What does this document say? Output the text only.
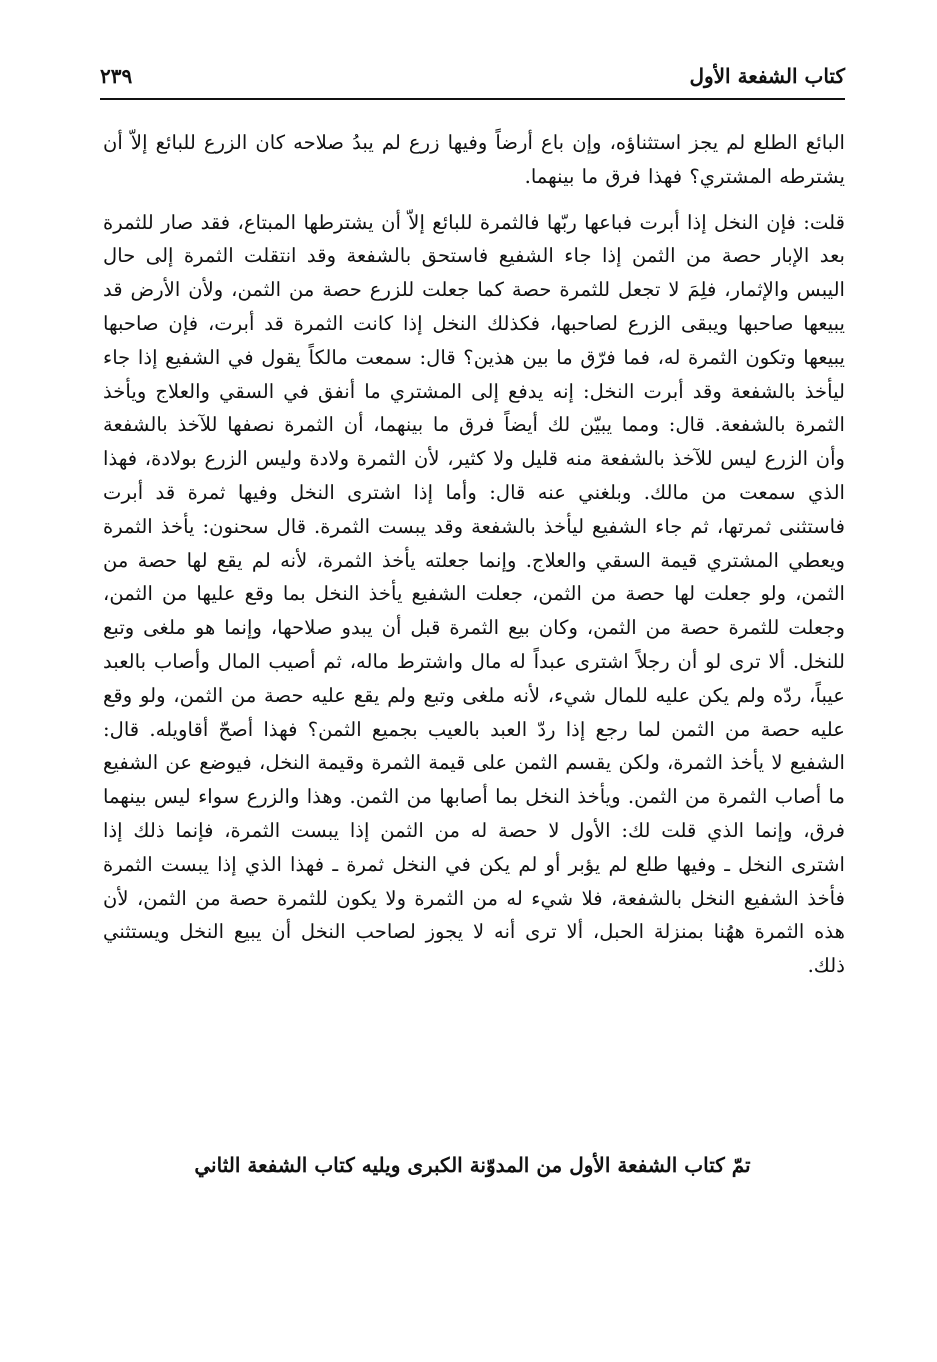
كتاب الشفعة الأول
٢٣٩

البائع الطلع لم يجز استثناؤه، وإن باع أرضاً وفيها زرع لم يبدُ صلاحه كان الزرع للبائع إلاّ أن يشترطه المشتري؟ فهذا فرق ما بينهما.

قلت: فإن النخل إذا أبرت فباعها ربّها فالثمرة للبائع إلاّ أن يشترطها المبتاع، فقد صار للثمرة بعد الإبار حصة من الثمن إذا جاء الشفيع فاستحق بالشفعة وقد انتقلت الثمرة إلى حال اليبس والإثمار، فلِمَ لا تجعل للثمرة حصة كما جعلت للزرع حصة من الثمن، ولأن الأرض قد يبيعها صاحبها ويبقى الزرع لصاحبها، فكذلك النخل إذا كانت الثمرة قد أبرت، فإن صاحبها يبيعها وتكون الثمرة له، فما فرّق ما بين هذين؟ قال: سمعت مالكاً يقول في الشفيع إذا جاء ليأخذ بالشفعة وقد أبرت النخل: إنه يدفع إلى المشتري ما أنفق في السقي والعلاج ويأخذ الثمرة بالشفعة. قال: ومما يبيّن لك أيضاً فرق ما بينهما، أن الثمرة نصفها للآخذ بالشفعة وأن الزرع ليس للآخذ بالشفعة منه قليل ولا كثير، لأن الثمرة ولادة وليس الزرع بولادة، فهذا الذي سمعت من مالك. وبلغني عنه قال: وأما إذا اشترى النخل وفيها ثمرة قد أبرت فاستثنى ثمرتها، ثم جاء الشفيع ليأخذ بالشفعة وقد يبست الثمرة. قال سحنون: يأخذ الثمرة ويعطي المشتري قيمة السقي والعلاج. وإنما جعلته يأخذ الثمرة، لأنه لم يقع لها حصة من الثمن، ولو جعلت لها حصة من الثمن، جعلت الشفيع يأخذ النخل بما وقع عليها من الثمن، وجعلت للثمرة حصة من الثمن، وكان بيع الثمرة قبل أن يبدو صلاحها، وإنما هو ملغى وتبع للنخل. ألا ترى لو أن رجلاً اشترى عبداً له مال واشترط ماله، ثم أصيب المال وأصاب بالعبد عيباً، ردّه ولم يكن عليه للمال شيء، لأنه ملغى وتبع ولم يقع عليه حصة من الثمن، ولو وقع عليه حصة من الثمن لما رجع إذا ردّ العبد بالعيب بجميع الثمن؟ فهذا أصحّ أقاويله. قال: الشفيع لا يأخذ الثمرة، ولكن يقسم الثمن على قيمة الثمرة وقيمة النخل، فيوضع عن الشفيع ما أصاب الثمرة من الثمن. ويأخذ النخل بما أصابها من الثمن. وهذا والزرع سواء ليس بينهما فرق، وإنما الذي قلت لك: الأول لا حصة له من الثمن إذا يبست الثمرة، فإنما ذلك إذا اشترى النخل ـ وفيها طلع لم يؤبر أو لم يكن في النخل ثمرة ـ فهذا الذي إذا يبست الثمرة فأخذ الشفيع النخل بالشفعة، فلا شيء له من الثمرة ولا يكون للثمرة حصة من الثمن، لأن هذه الثمرة ههُنا بمنزلة الحبل، ألا ترى أنه لا يجوز لصاحب النخل أن يبيع النخل ويستثني ذلك.

تمّ كتاب الشفعة الأول من المدوّنة الكبرى ويليه كتاب الشفعة الثاني
